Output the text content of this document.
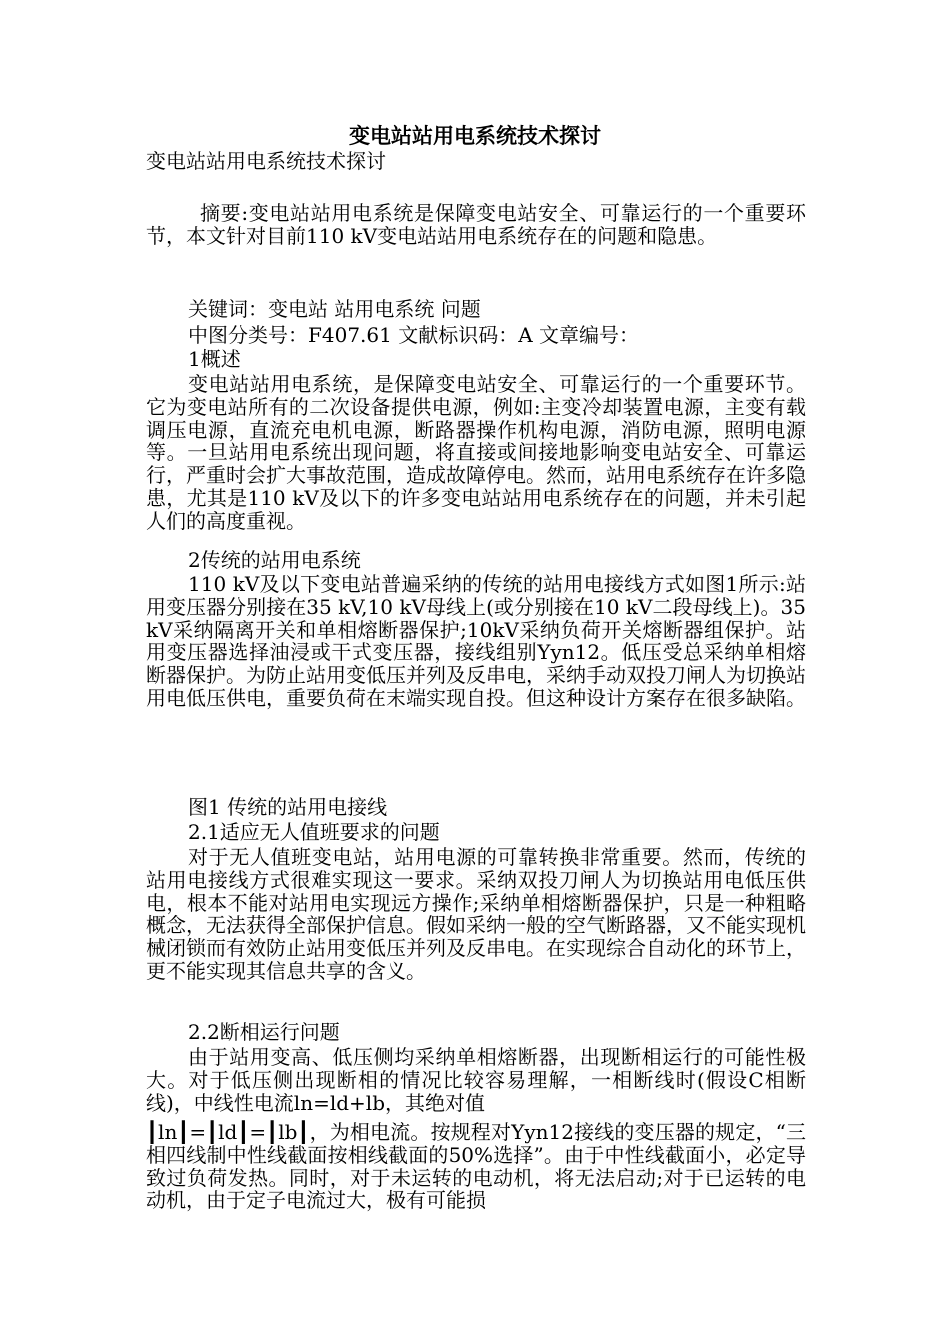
变电站站用电系统技术探讨

变电站站用电系统技术探讨

摘要:变电站站用电系统是保障变电站安全、可靠运行的一个重要环节，本文针对目前110 kV变电站站用电系统存在的问题和隐患。

关键词：变电站 站用电系统 问题

中图分类号：F407.61 文献标识码：A 文章编号：

1概述

变电站站用电系统，是保障变电站安全、可靠运行的一个重要环节。它为变电站所有的二次设备提供电源，例如:主变冷却装置电源，主变有载调压电源，直流充电机电源，断路器操作机构电源，消防电源，照明电源等。一旦站用电系统出现问题，将直接或间接地影响变电站安全、可靠运行，严重时会扩大事故范围，造成故障停电。然而，站用电系统存在许多隐患，尤其是110 kV及以下的许多变电站站用电系统存在的问题，并未引起人们的高度重视。

2传统的站用电系统

110 kV及以下变电站普遍采纳的传统的站用电接线方式如图1所示:站用变压器分别接在35 kV,10 kV母线上(或分别接在10 kV二段母线上)。35 kV采纳隔离开关和单相熔断器保护;10kV采纳负荷开关熔断器组保护。站用变压器选择油浸或干式变压器，接线组别Yyn12。低压受总采纳单相熔断器保护。为防止站用变低压并列及反串电，采纳手动双投刀闸人为切换站用电低压供电，重要负荷在末端实现自投。但这种设计方案存在很多缺陷。

图1 传统的站用电接线

2.1适应无人值班要求的问题

对于无人值班变电站，站用电源的可靠转换非常重要。然而，传统的站用电接线方式很难实现这一要求。采纳双投刀闸人为切换站用电低压供电，根本不能对站用电实现远方操作;采纳单相熔断器保护，只是一种粗略概念，无法获得全部保护信息。假如采纳一般的空气断路器，又不能实现机械闭锁而有效防止站用变低压并列及反串电。在实现综合自动化的环节上，更不能实现其信息共享的含义。

2.2断相运行问题

由于站用变高、低压侧均采纳单相熔断器，出现断相运行的可能性极大。对于低压侧出现断相的情况比较容易理解，一相断线时(假设C相断线)，中线性电流ln=ld+lb，其绝对值

┃ln┃=┃ld┃=┃lb┃，为相电流。按规程对Yyn12接线的变压器的规定，“三相四线制中性线截面按相线截面的50%选择”。由于中性线截面小，必定导致过负荷发热。同时，对于未运转的电动机，将无法启动;对于已运转的电动机，由于定子电流过大，极有可能损
